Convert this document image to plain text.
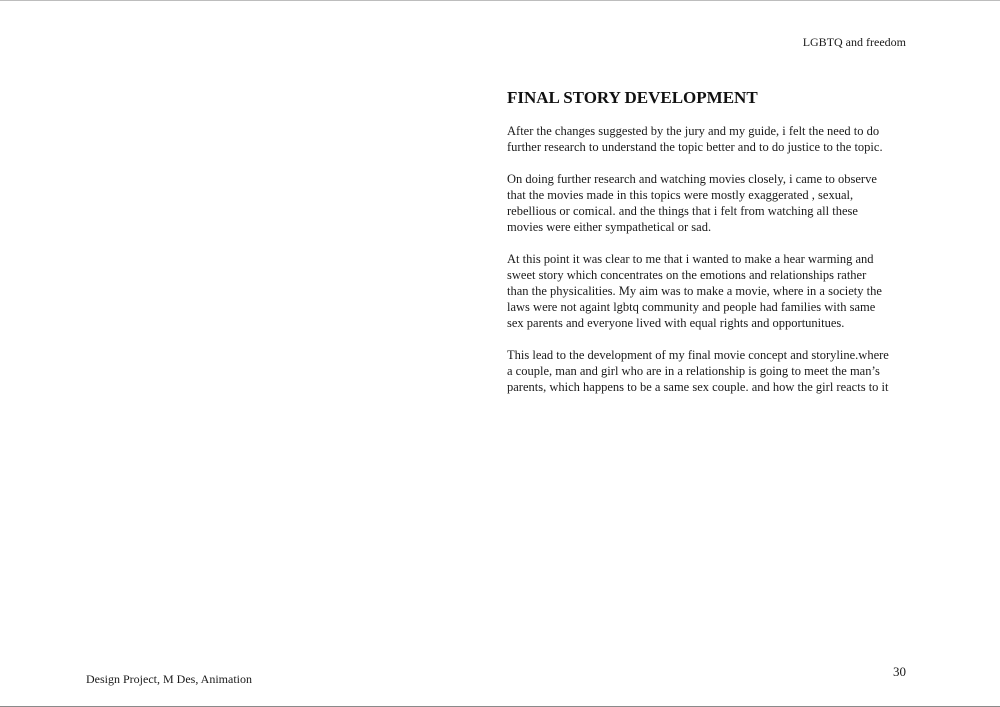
LGBTQ and freedom
FINAL STORY DEVELOPMENT

After the changes suggested by the jury and my guide, i felt the need to do
further research to understand the topic better and to do justice to the topic.

On doing further research and watching movies closely, i came to observe
that the movies made in this topics were mostly exaggerated , sexual,
rebellious or comical. and the things that i felt from watching all these
movies were either sympathetical or sad.

At this point it was clear to me that i wanted to make a hear warming and
sweet story which concentrates on the emotions and relationships rather
than the physicalities. My aim was to make a movie, where in a society the
laws were not againt lgbtq community and people had families with same
sex parents and everyone lived with equal rights and opportunitues.

This lead to the development of my final movie concept and storyline.where
a couple, man and girl who are in a relationship is going to meet the man’s
parents, which happens to be a same sex couple. and how the girl reacts to it

Design Project, M Des, Animation	30
